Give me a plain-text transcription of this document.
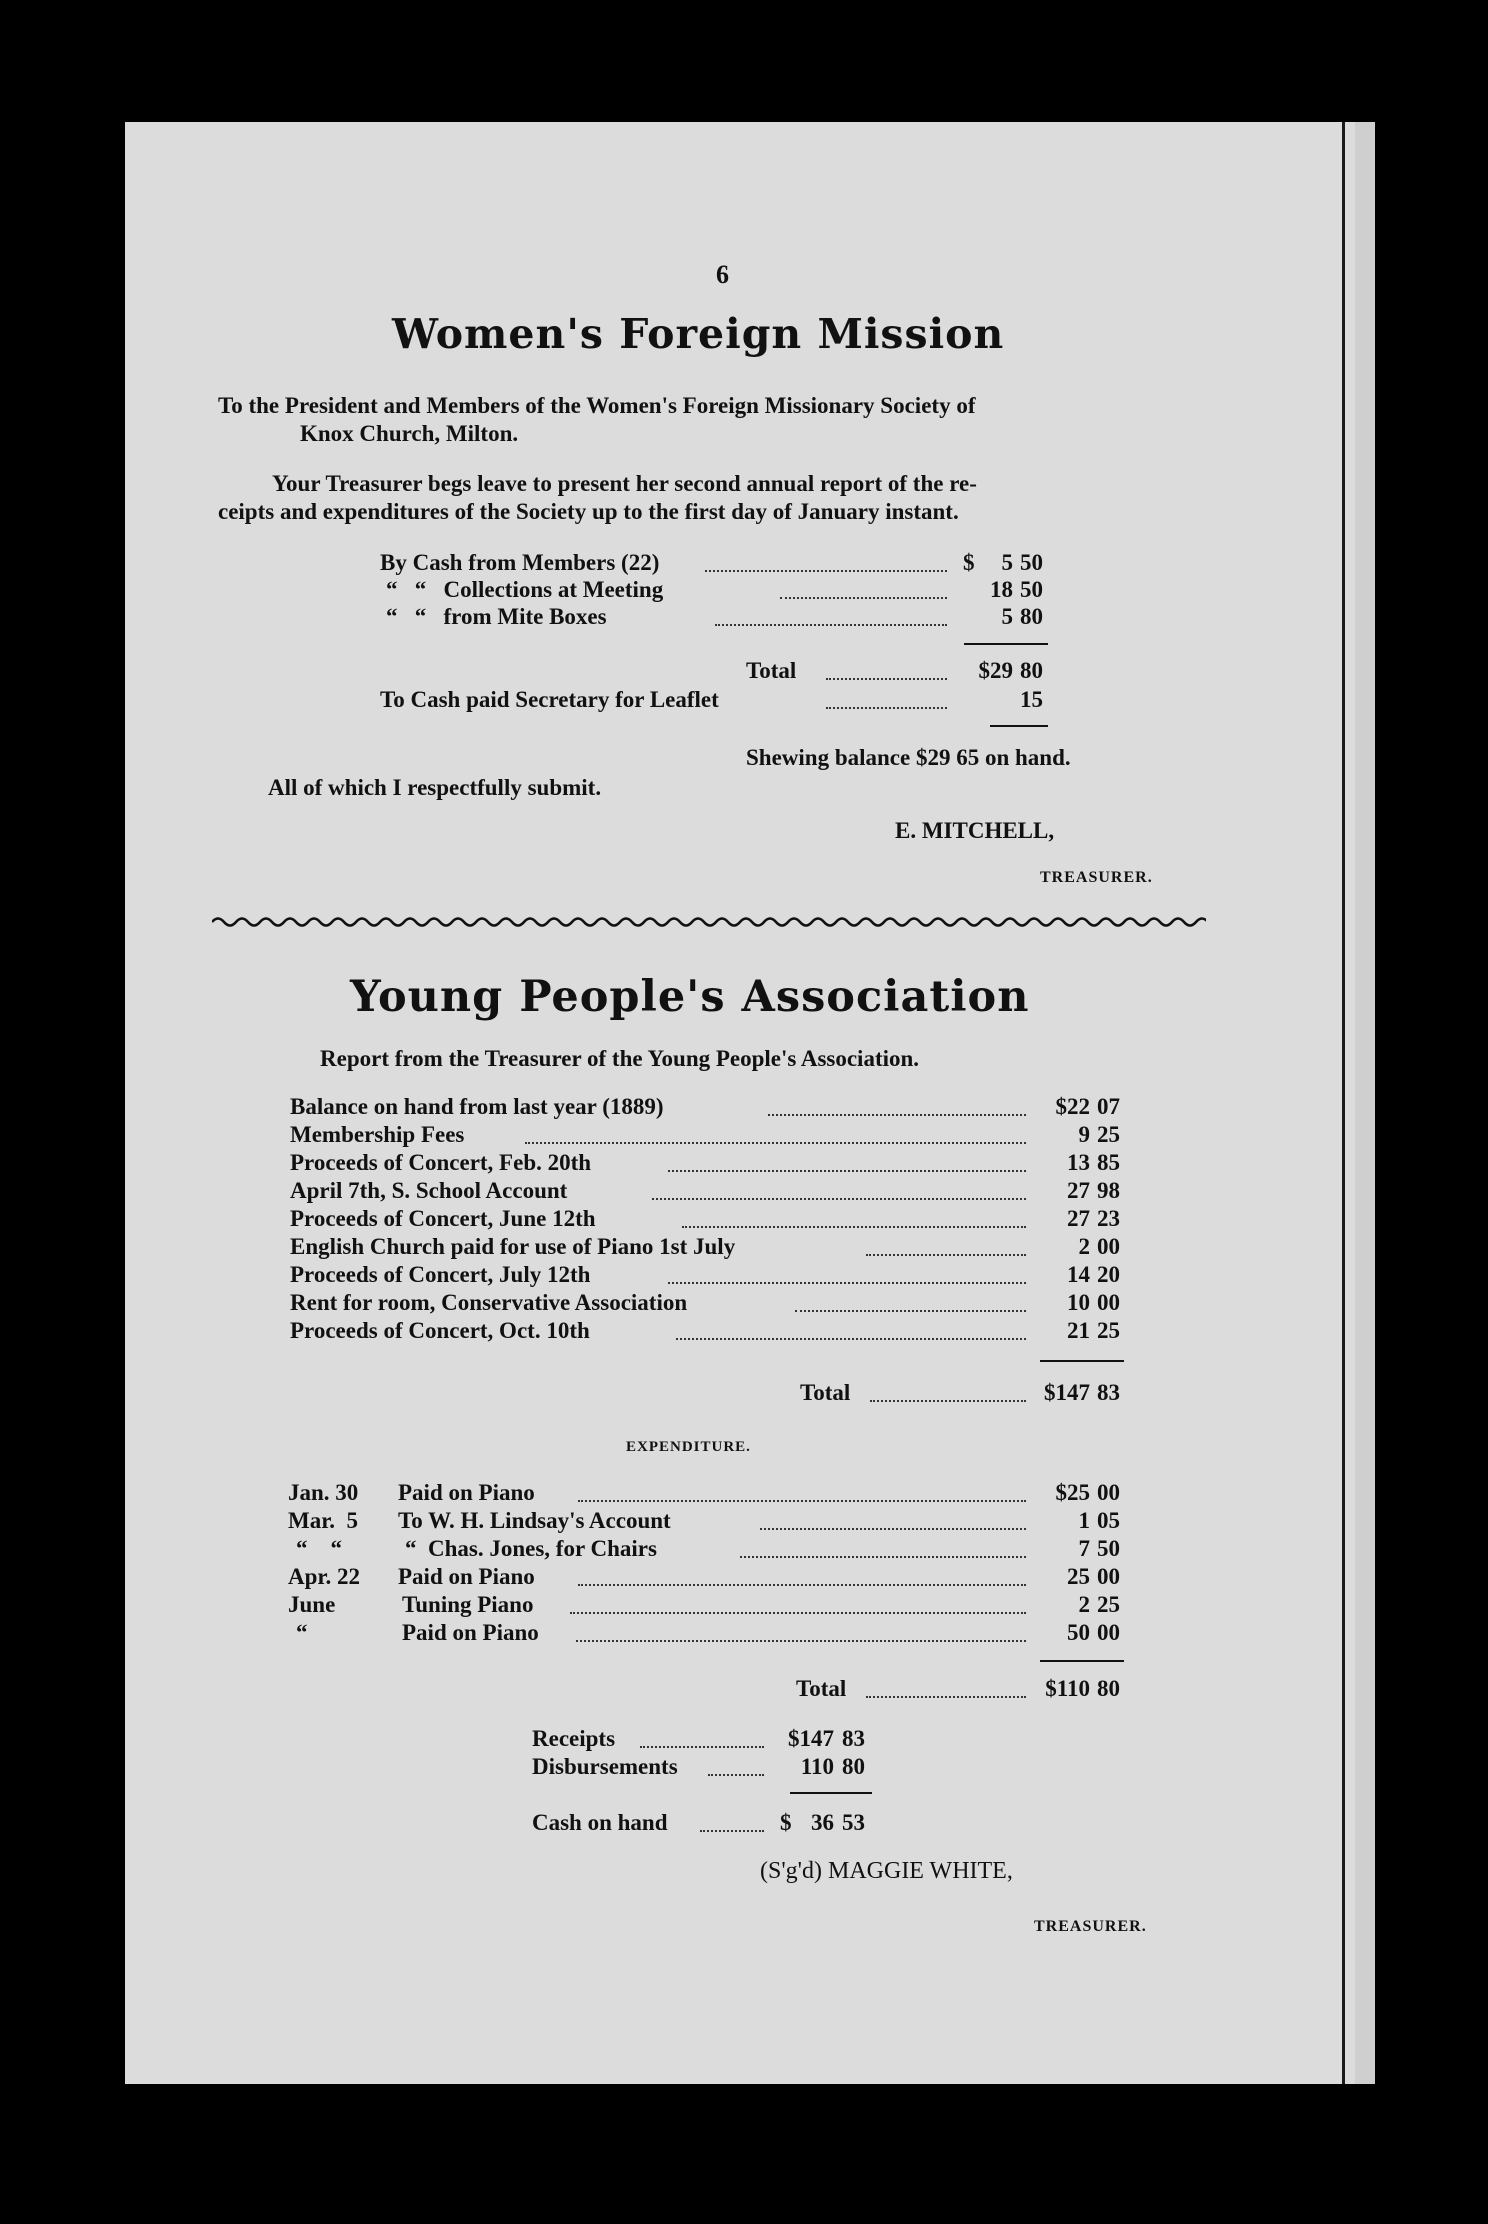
6
Women's Foreign Mission
To the President and Members of the Women's Foreign Missionary Society of
Knox Church, Milton.
Your Treasurer begs leave to present her second annual report of the re-
ceipts and expenditures of the Society up to the first day of January instant.
By Cash from Members (22)	$	5 50
“   “   Collections at Meeting	18 50
“   “   from Mite Boxes	5 80
Total	$29 80
To Cash paid Secretary for Leaflet	15
Shewing balance $29 65 on hand.
All of which I respectfully submit.
E. MITCHELL,
TREASURER.
Young People's Association
Report from the Treasurer of the Young People's Association.
Balance on hand from last year (1889)	$22 07
Membership Fees	9 25
Proceeds of Concert, Feb. 20th	13 85
April 7th, S. School Account	27 98
Proceeds of Concert, June 12th	27 23
English Church paid for use of Piano 1st July	2 00
Proceeds of Concert, July 12th	14 20
Rent for room, Conservative Association	10 00
Proceeds of Concert, Oct. 10th	21 25
Total	$147 83
EXPENDITURE.
Jan. 30 Paid on Piano	$25 00
Mar.  5 To W. H. Lindsay's Account	1 05
“    “	“  Chas. Jones, for Chairs	7 50
Apr. 22 Paid on Piano	25 00
June	Tuning Piano	2 25
“	Paid on Piano	50 00
Total	$110 80
Receipts	$147 83
Disbursements	110 80
Cash on hand	$ 36 53
(S'g'd) MAGGIE WHITE,
TREASURER.
